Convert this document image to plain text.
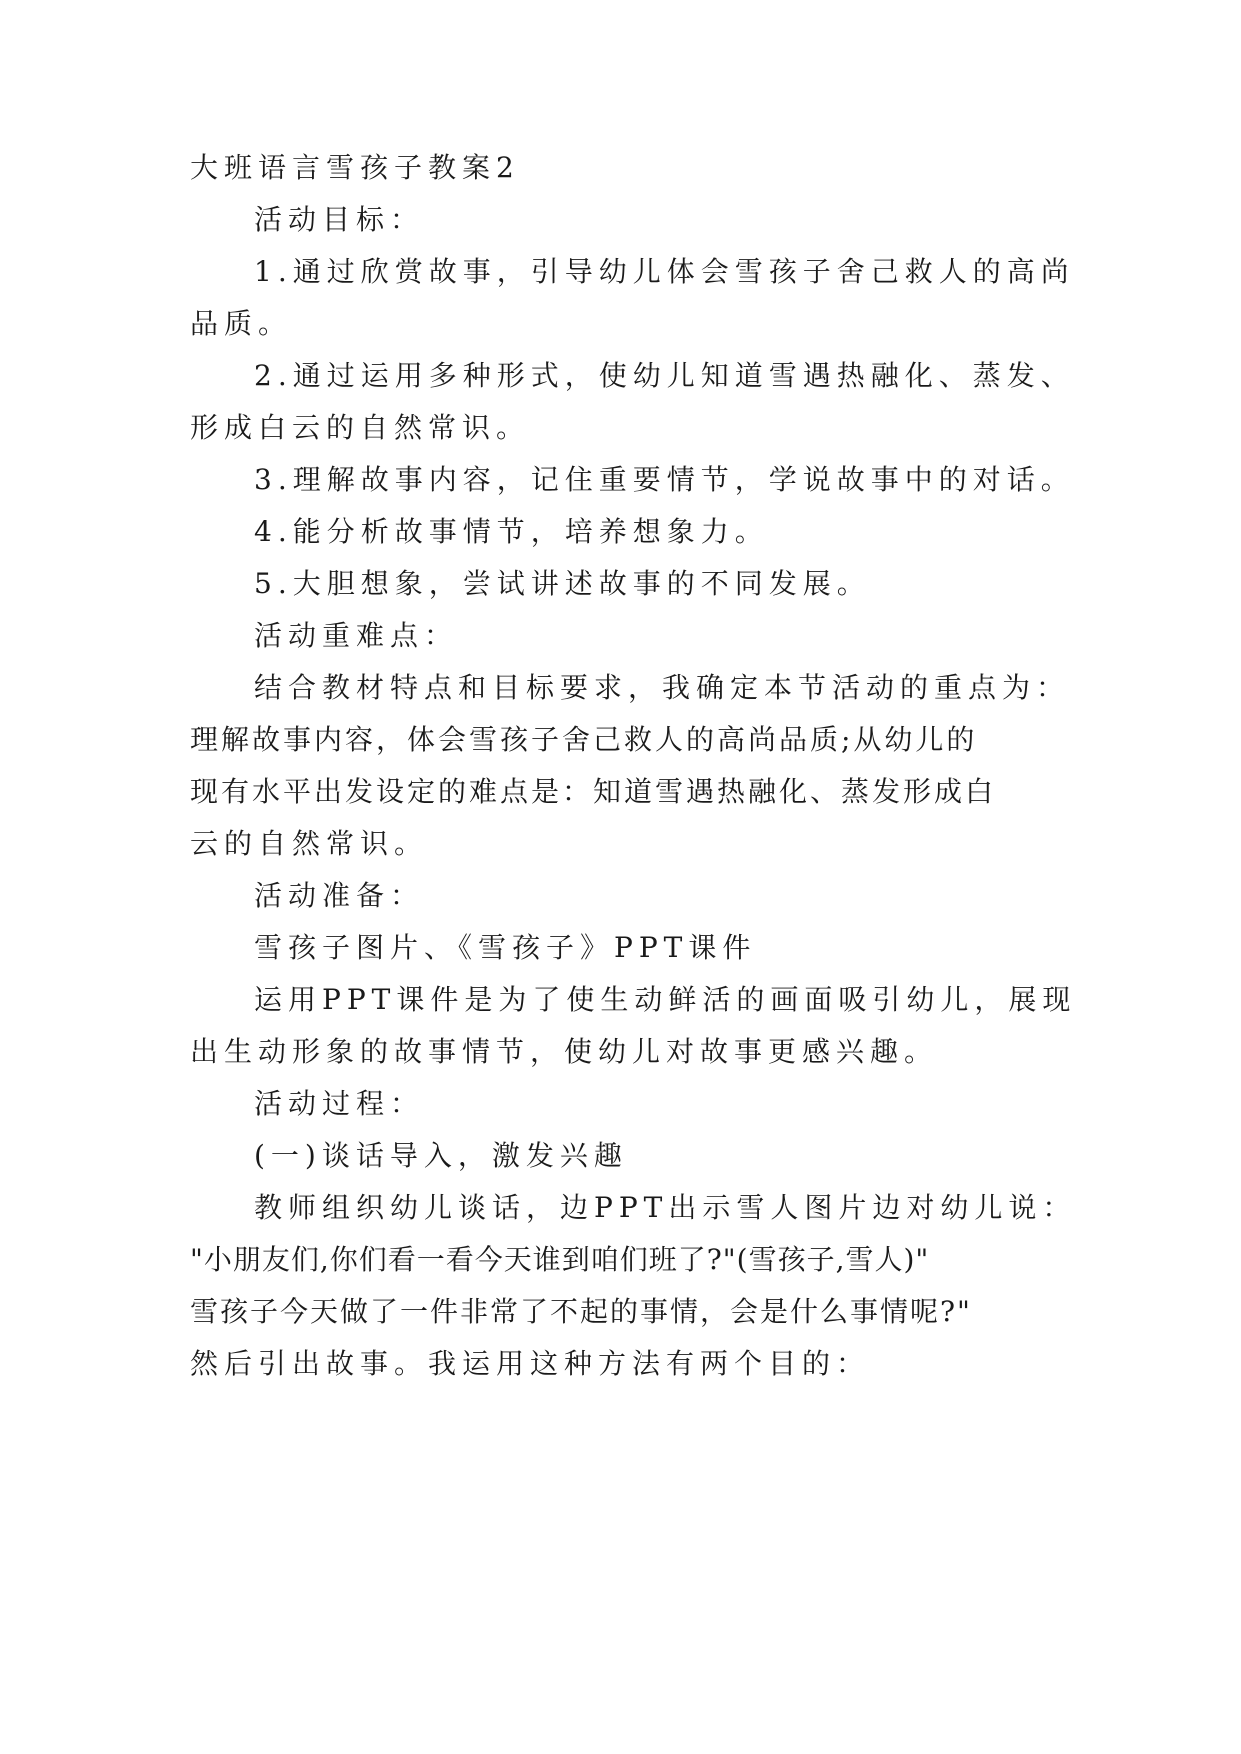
大班语言雪孩子教案2
活动目标：
1.通过欣赏故事，引导幼儿体会雪孩子舍己救人的高尚
品质。
2.通过运用多种形式，使幼儿知道雪遇热融化、蒸发、
形成白云的自然常识。
3.理解故事内容，记住重要情节，学说故事中的对话。
4.能分析故事情节，培养想象力。
5.大胆想象，尝试讲述故事的不同发展。
活动重难点：
结合教材特点和目标要求，我确定本节活动的重点为：
理解故事内容，体会雪孩子舍己救人的高尚品质;从幼儿的
现有水平出发设定的难点是：知道雪遇热融化、蒸发形成白
云的自然常识。
活动准备：
雪孩子图片、《雪孩子》PPT课件
运用PPT课件是为了使生动鲜活的画面吸引幼儿，展现
出生动形象的故事情节，使幼儿对故事更感兴趣。
活动过程：
(一)谈话导入，激发兴趣
教师组织幼儿谈话，边PPT出示雪人图片边对幼儿说：
"小朋友们,你们看一看今天谁到咱们班了?"(雪孩子,雪人)"
雪孩子今天做了一件非常了不起的事情，会是什么事情呢?"
然后引出故事。我运用这种方法有两个目的：
